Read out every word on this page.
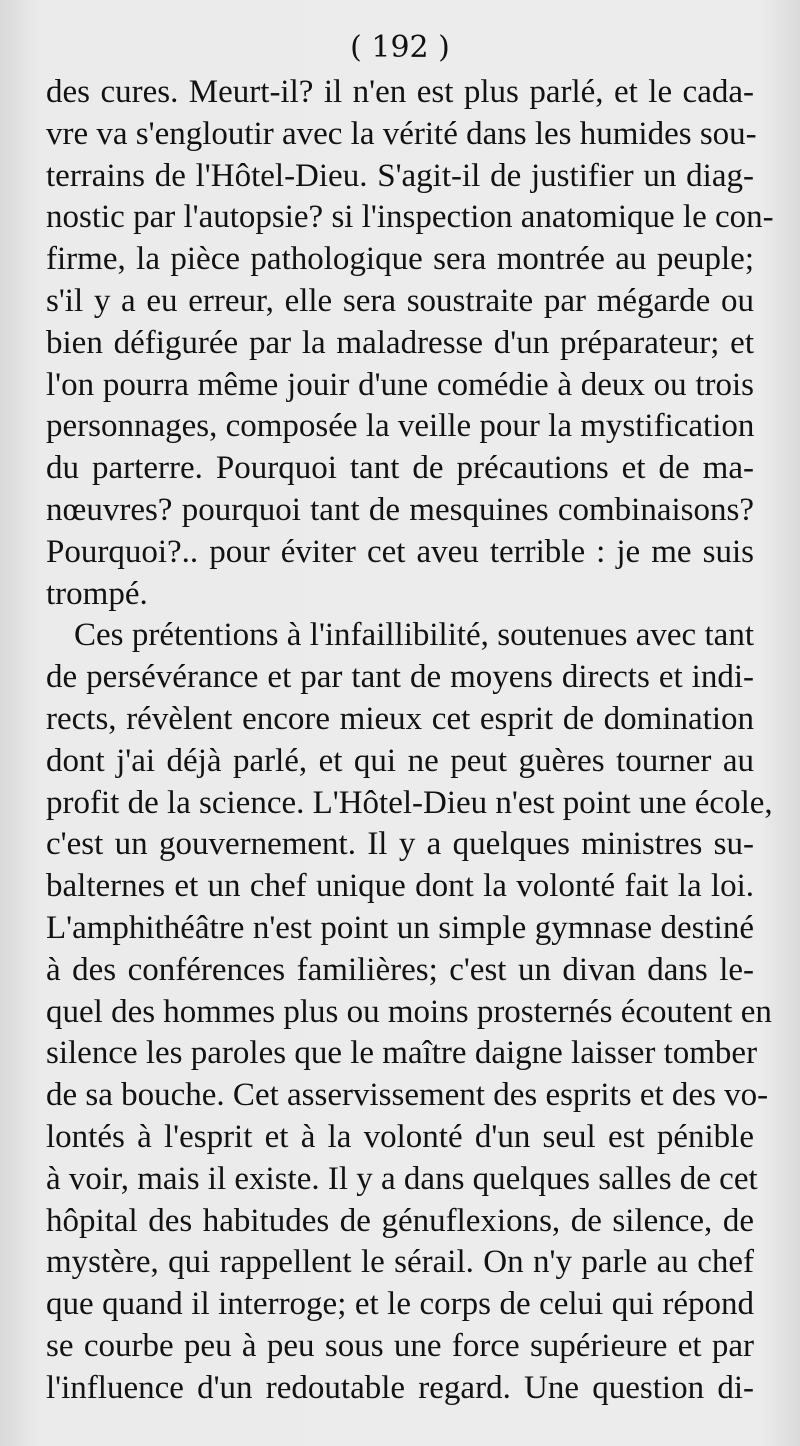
( 192 )

des cures. Meurt-il? il n'en est plus parlé, et le cada-
vre va s'engloutir avec la vérité dans les humides sou-
terrains de l'Hôtel-Dieu. S'agit-il de justifier un diag-
nostic par l'autopsie? si l'inspection anatomique le con-
firme, la pièce pathologique sera montrée au peuple;
s'il y a eu erreur, elle sera soustraite par mégarde ou
bien défigurée par la maladresse d'un préparateur; et
l'on pourra même jouir d'une comédie à deux ou trois
personnages, composée la veille pour la mystification
du parterre. Pourquoi tant de précautions et de ma-
nœuvres? pourquoi tant de mesquines combinaisons?
Pourquoi?.. pour éviter cet aveu terrible : je me suis
trompé.
Ces prétentions à l'infaillibilité, soutenues avec tant
de persévérance et par tant de moyens directs et indi-
rects, révèlent encore mieux cet esprit de domination
dont j'ai déjà parlé, et qui ne peut guères tourner au
profit de la science. L'Hôtel-Dieu n'est point une école,
c'est un gouvernement. Il y a quelques ministres su-
balternes et un chef unique dont la volonté fait la loi.
L'amphithéâtre n'est point un simple gymnase destiné
à des conférences familières; c'est un divan dans le-
quel des hommes plus ou moins prosternés écoutent en
silence les paroles que le maître daigne laisser tomber
de sa bouche. Cet asservissement des esprits et des vo-
lontés à l'esprit et à la volonté d'un seul est pénible
à voir, mais il existe. Il y a dans quelques salles de cet
hôpital des habitudes de génuflexions, de silence, de
mystère, qui rappellent le sérail. On n'y parle au chef
que quand il interroge; et le corps de celui qui répond
se courbe peu à peu sous une force supérieure et par
l'influence d'un redoutable regard. Une question di-
